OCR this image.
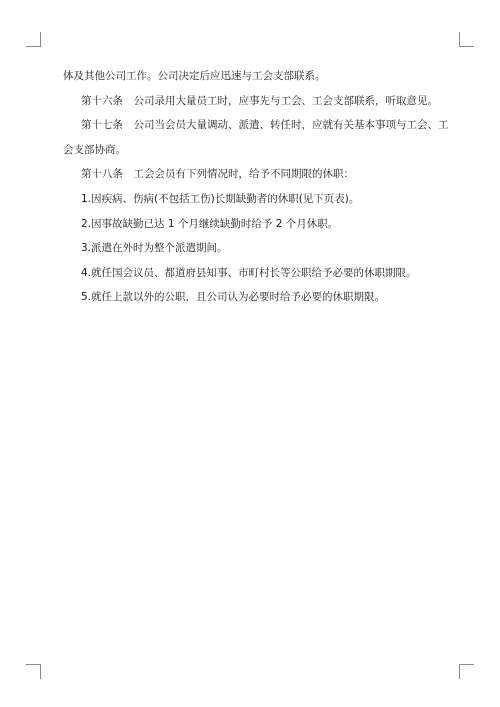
体及其他公司工作。公司决定后应迅速与工会支部联系。

第十六条　公司录用大量员工时，应事先与工会、工会支部联系，听取意见。

第十七条　公司当会员大量调动、派遣、转任时，应就有关基本事项与工会、工

会支部协商。

第十八条　工会会员有下列情况时，给予不同期限的休职：

1.因疾病、伤病(不包括工伤)长期缺勤者的休职(见下页表)。

2.因事故缺勤已达 1 个月继续缺勤时给予 2 个月休职。

3.派遣在外时为整个派遣期间。

4.就任国会议员、都道府县知事、市町村长等公职给予必要的休职期限。

5.就任上款以外的公职，且公司认为必要时给予必要的休职期限。
